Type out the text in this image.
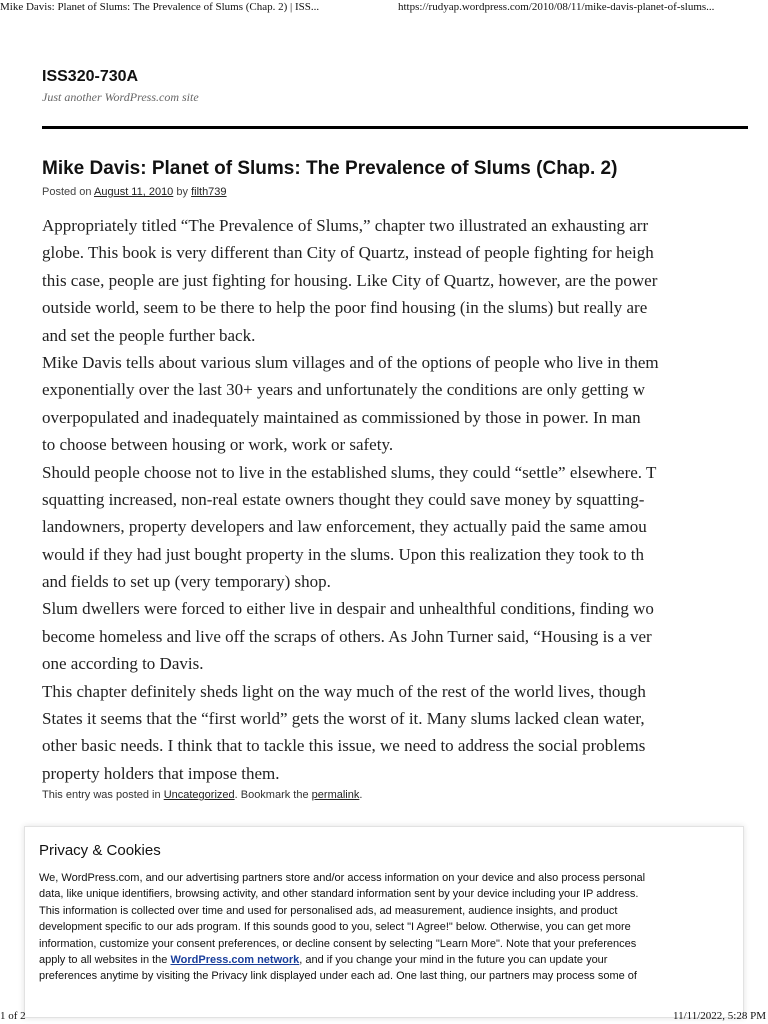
Mike Davis: Planet of Slums: The Prevalence of Slums (Chap. 2) | ISS...	https://rudyap.wordpress.com/2010/08/11/mike-davis-planet-of-slums...
ISS320-730A
Just another WordPress.com site
Mike Davis: Planet of Slums: The Prevalence of Slums (Chap. 2)
Posted on August 11, 2010 by filth739
Appropriately titled “The Prevalence of Slums,” chapter two illustrated an exhausting arr
globe. This book is very different than City of Quartz, instead of people fighting for heigh
this case, people are just fighting for housing. Like City of Quartz, however, are the power
outside world, seem to be there to help the poor find housing (in the slums) but really are
and set the people further back.
Mike Davis tells about various slum villages and of the options of people who live in them
exponentially over the last 30+ years and unfortunately the conditions are only getting w
overpopulated and inadequately maintained as commissioned by those in power. In man
to choose between housing or work, work or safety.
Should people choose not to live in the established slums, they could “settle” elsewhere. T
squatting increased, non-real estate owners thought they could save money by squatting-
landowners, property developers and law enforcement, they actually paid the same amou
would if they had just bought property in the slums. Upon this realization they took to th
and fields to set up (very temporary) shop.
Slum dwellers were forced to either live in despair and unhealthful conditions, finding wo
become homeless and live off the scraps of others. As John Turner said, “Housing is a ver
one according to Davis.
This chapter definitely sheds light on the way much of the rest of the world lives, though
States it seems that the “first world” gets the worst of it. Many slums lacked clean water,
other basic needs. I think that to tackle this issue, we need to address the social problems
property holders that impose them.
This entry was posted in Uncategorized. Bookmark the permalink.
Privacy & Cookies
We, WordPress.com, and our advertising partners store and/or access information on your device and also process personal
data, like unique identifiers, browsing activity, and other standard information sent by your device including your IP address.
This information is collected over time and used for personalised ads, ad measurement, audience insights, and product
development specific to our ads program. If this sounds good to you, select "I Agree!" below. Otherwise, you can get more
information, customize your consent preferences, or decline consent by selecting "Learn More". Note that your preferences
apply to all websites in the WordPress.com network, and if you change your mind in the future you can update your
preferences anytime by visiting the Privacy link displayed under each ad. One last thing, our partners may process some of
1 of 2	11/11/2022, 5:28 PM
